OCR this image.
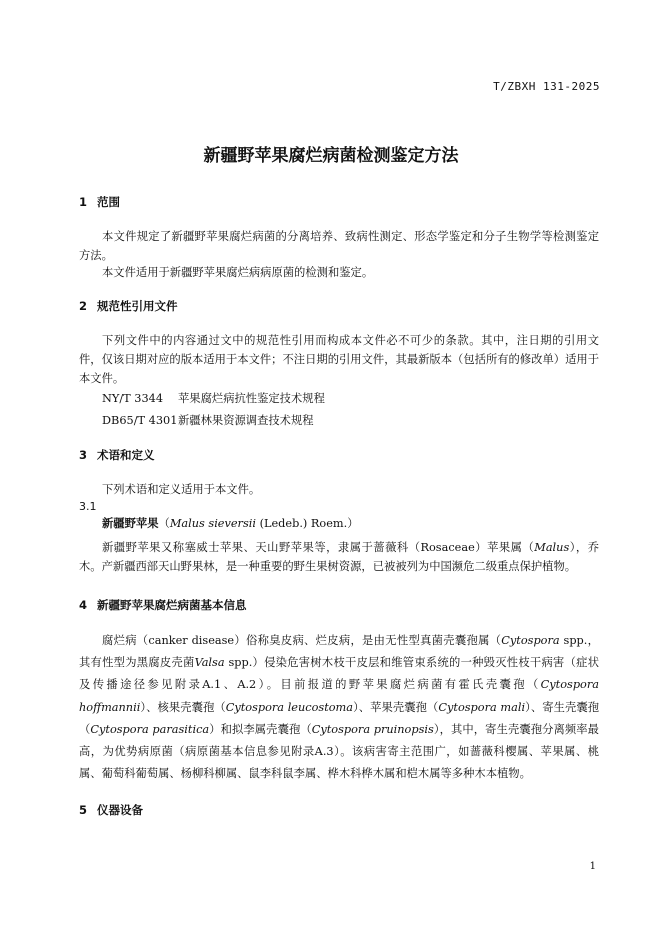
T/ZBXH 131-2025
新疆野苹果腐烂病菌检测鉴定方法
1 范围
本文件规定了新疆野苹果腐烂病菌的分离培养、致病性测定、形态学鉴定和分子生物学等检测鉴定方法。
本文件适用于新疆野苹果腐烂病病原菌的检测和鉴定。
2 规范性引用文件
下列文件中的内容通过文中的规范性引用而构成本文件必不可少的条款。其中，注日期的引用文件，仅该日期对应的版本适用于本文件；不注日期的引用文件，其最新版本（包括所有的修改单）适用于本文件。
NY/T 3344 苹果腐烂病抗性鉴定技术规程
DB65/T 4301新疆林果资源调查技术规程
3 术语和定义
下列术语和定义适用于本文件。
3.1
新疆野苹果（Malus sieversii (Ledeb.) Roem.）
新疆野苹果又称塞威士苹果、天山野苹果等，隶属于蔷薇科（Rosaceae）苹果属（Malus），乔木。产新疆西部天山野果林，是一种重要的野生果树资源，已被被列为中国濒危二级重点保护植物。
4 新疆野苹果腐烂病菌基本信息
腐烂病（canker disease）俗称臭皮病、烂皮病，是由无性型真菌壳囊孢属（Cytospora spp.，其有性型为黑腐皮壳菌Valsa spp.）侵染危害树木枝干皮层和维管束系统的一种毁灭性枝干病害（症状及传播途径参见附录A.1、A.2）。目前报道的野苹果腐烂病菌有霍氏壳囊孢（Cytospora hoffmannii）、核果壳囊孢（Cytospora leucostoma）、苹果壳囊孢（Cytospora mali）、寄生壳囊孢（Cytospora parasitica）和拟李属壳囊孢（Cytospora pruinopsis），其中，寄生壳囊孢分离频率最高，为优势病原菌（病原菌基本信息参见附录A.3）。该病害寄主范围广，如蔷薇科樱属、苹果属、桃属、葡萄科葡萄属、杨柳科柳属、鼠李科鼠李属、桦木科桦木属和桤木属等多种木本植物。
5 仪器设备
1
